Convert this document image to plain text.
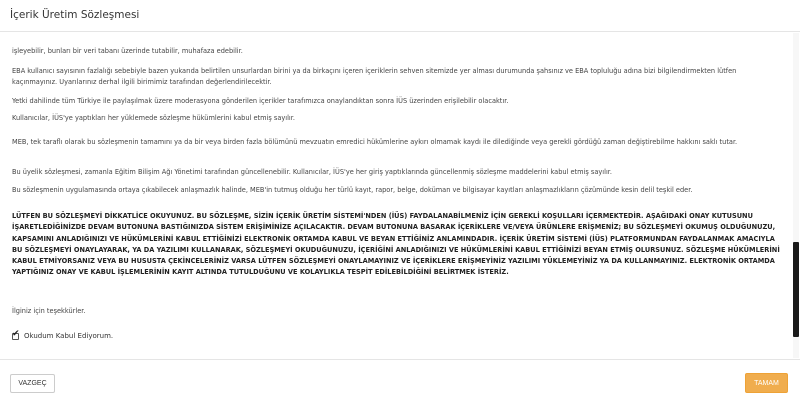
İçerik Üretim Sözleşmesi

işleyebilir, bunları bir veri tabanı üzerinde tutabilir, muhafaza edebilir.

EBA kullanıcı sayısının fazlalığı sebebiyle bazen yukarıda belirtilen unsurlardan birini ya da birkaçını içeren içeriklerin sehven sitemizde yer alması durumunda şahsınız ve EBA topluluğu adına bizi bilgilendirmekten lütfen kaçınmayınız. Uyarılarınız derhal ilgili birimimiz tarafından değerlendirilecektir.

Yetki dahilinde tüm Türkiye ile paylaşılmak üzere moderasyona gönderilen içerikler tarafımızca onaylandıktan sonra İÜS üzerinden erişilebilir olacaktır.

Kullanıcılar, İÜS'ye yaptıkları her yüklemede sözleşme hükümlerini kabul etmiş sayılır.

MEB, tek taraflı olarak bu sözleşmenin tamamını ya da bir veya birden fazla bölümünü mevzuatın emredici hükümlerine aykırı olmamak kaydı ile dilediğinde veya gerekli gördüğü zaman değiştirebilme hakkını saklı tutar.

Bu üyelik sözleşmesi, zamanla Eğitim Bilişim Ağı Yönetimi tarafından güncellenebilir. Kullanıcılar, İÜS'ye her giriş yaptıklarında güncellenmiş sözleşme maddelerini kabul etmiş sayılır.

Bu sözleşmenin uygulamasında ortaya çıkabilecek anlaşmazlık halinde, MEB'in tutmuş olduğu her türlü kayıt, rapor, belge, doküman ve bilgisayar kayıtları anlaşmazlıkların çözümünde kesin delil teşkil eder.

LÜTFEN BU SÖZLEŞMEYİ DİKKATLİCE OKUYUNUZ. BU SÖZLEŞME, SİZİN İÇERİK ÜRETİM SİSTEMİ'NDEN (İÜS) FAYDALANABİLMENİZ İÇİN GEREKLİ KOŞULLARI İÇERMEKTEDİR. AŞAĞIDAKİ ONAY KUTUSUNU İŞARETLEDİĞİNİZDE DEVAM BUTONUNA BASTIĞINIZDA SİSTEM ERİŞİMİNİZE AÇILACAKTIR. DEVAM BUTONUNA BASARAK İÇERİKLERE VE/VEYA ÜRÜNLERE ERİŞMENİZ; BU SÖZLEŞMEYİ OKUMUŞ OLDUĞUNUZU, KAPSAMINI ANLADIĞINIZI VE HÜKÜMLERİNİ KABUL ETTİĞİNİZİ ELEKTRONİK ORTAMDA KABUL VE BEYAN ETTİĞİNİZ ANLAMINDADIR. İÇERİK ÜRETİM SİSTEMİ (İÜS) PLATFORMUNDAN FAYDALANMAK AMACIYLA BU SÖZLEŞMEYİ ONAYLAYARAK, YA DA YAZILIMI KULLANARAK, SÖZLEŞMEYİ OKUDUĞUNUZU, İÇERİĞİNİ ANLADIĞINIZI VE HÜKÜMLERİNİ KABUL ETTİĞİNİZİ BEYAN ETMİŞ OLURSUNUZ. SÖZLEŞME HÜKÜMLERİNİ KABUL ETMİYORSANIZ VEYA BU HUSUSTA ÇEKİNCELERİNİZ VARSA LÜTFEN SÖZLEŞMEYİ ONAYLAMAYINIZ VE İÇERİKLERE ERİŞMEYİNİZ YAZILIMI YÜKLEMEYİNİZ YA DA KULLANMAYINIZ. ELEKTRONİK ORTAMDA YAPTIĞINIZ ONAY VE KABUL İŞLEMLERİNİN KAYIT ALTINDA TUTULDUĞUNU VE KOLAYLIKLA TESPİT EDİLEBİLDİĞİNİ BELİRTMEK İSTERİZ.

İlginiz için teşekkürler.

✔ Okudum Kabul Ediyorum.
VAZGEÇ	TAMAM
